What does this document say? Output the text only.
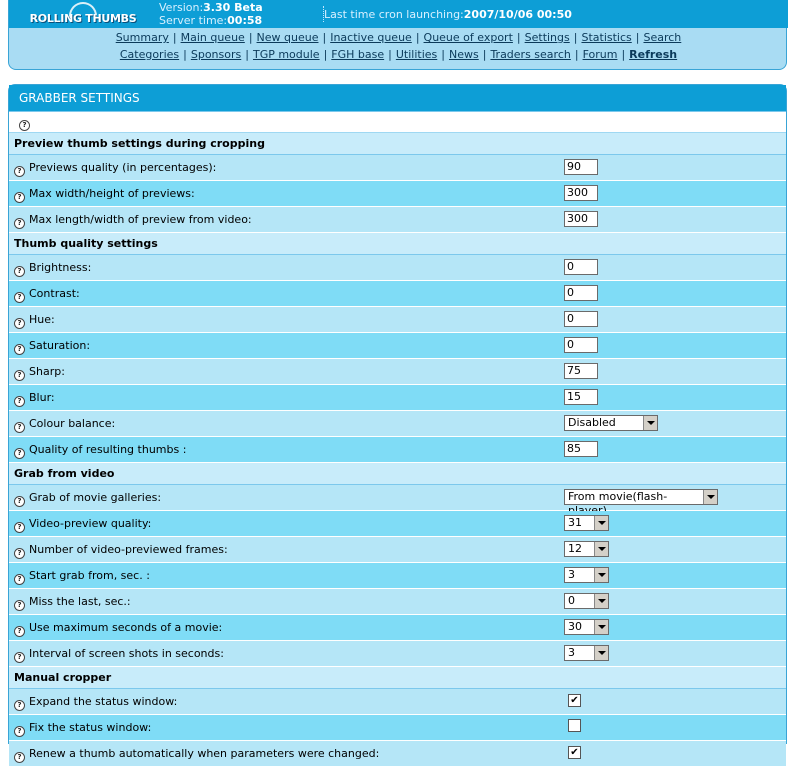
ROLLING THUMBS
Version:3.30 Beta
Server time:00:58	Last time cron launching:2007/10/06 00:50
Summary | Main queue | New queue | Inactive queue | Queue of export | Settings | Statistics | Search
Categories | Sponsors | TGP module | FGH base | Utilities | News | Traders search | Forum | Refresh
GRABBER SETTINGS
?
Preview thumb settings during cropping
? Previews quality (in percentages):	90
? Max width/height of previews:	300
? Max length/width of preview from video:	300
Thumb quality settings
? Brightness:	0
? Contrast:	0
? Hue:	0
? Saturation:	0
? Sharp:	75
? Blur:	15
? Colour balance:	Disabled
? Quality of resulting thumbs :	85
Grab from video
? Grab of movie galleries:	From movie(flash-
? Video-preview quality:	31
? Number of video-previewed frames:	12
? Start grab from, sec. :	3
? Miss the last, sec.:	0
? Use maximum seconds of a movie:	30
? Interval of screen shots in seconds:	3
Manual cropper
? Expand the status window:	✔
? Fix the status window:
? Renew a thumb automatically when parameters were changed:	✔
